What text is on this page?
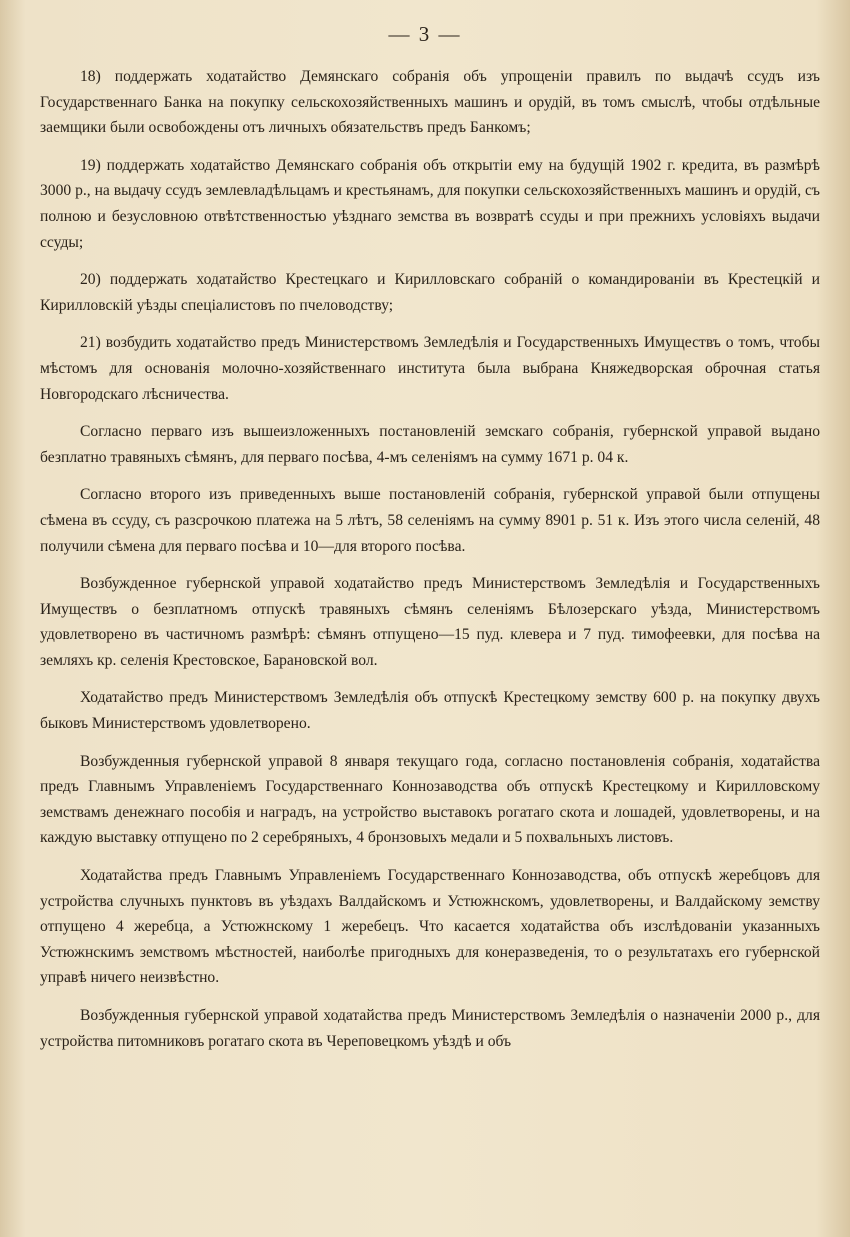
— 3 —

18) поддержать ходатайство Демянскаго собранія объ упрощеніи правилъ по выдачѣ ссудъ изъ Государственнаго Банка на покупку сельскохозяйственныхъ машинъ и орудій, въ томъ смыслѣ, чтобы отдѣльные заемщики были освобождены отъ личныхъ обязательствъ предъ Банкомъ;

19) поддержать ходатайство Демянскаго собранія объ открытіи ему на будущій 1902 г. кредита, въ размѣрѣ 3000 р., на выдачу ссудъ землевладѣльцамъ и крестьянамъ, для покупки сельскохозяйственныхъ машинъ и орудій, съ полною и безусловною отвѣтственностью уѣзднаго земства въ возвратѣ ссуды и при прежнихъ условіяхъ выдачи ссуды;

20) поддержать ходатайство Крестецкаго и Кирилловскаго собраній о командированіи въ Крестецкій и Кирилловскій уѣзды спеціалистовъ по пчеловодству;

21) возбудить ходатайство предъ Министерствомъ Земледѣлія и Государственныхъ Имуществъ о томъ, чтобы мѣстомъ для основанія молочно-хозяйственнаго института была выбрана Княжедворская оброчная статья Новгородскаго лѣсничества.

Согласно перваго изъ вышеизложенныхъ постановленій земскаго собранія, губернской управой выдано безплатно травяныхъ сѣмянъ, для перваго посѣва, 4-мъ селеніямъ на сумму 1671 р. 04 к.

Согласно второго изъ приведенныхъ выше постановленій собранія, губернской управой были отпущены сѣмена въ ссуду, съ разсрочкою платежа на 5 лѣтъ, 58 селеніямъ на сумму 8901 р. 51 к. Изъ этого числа селеній, 48 получили сѣмена для перваго посѣва и 10—для второго посѣва.

Возбужденное губернской управой ходатайство предъ Министерствомъ Земледѣлія и Государственныхъ Имуществъ о безплатномъ отпускѣ травяныхъ сѣмянъ селеніямъ Бѣлозерскаго уѣзда, Министерствомъ удовлетворено въ частичномъ размѣрѣ: сѣмянъ отпущено—15 пуд. клевера и 7 пуд. тимофеевки, для посѣва на земляхъ кр. селенія Крестовское, Барановской вол.

Ходатайство предъ Министерствомъ Земледѣлія объ отпускѣ Крестецкому земству 600 р. на покупку двухъ быковъ Министерствомъ удовлетворено.

Возбужденныя губернской управой 8 января текущаго года, согласно постановленія собранія, ходатайства предъ Главнымъ Управленіемъ Государственнаго Коннозаводства объ отпускѣ Крестецкому и Кирилловскому земствамъ денежнаго пособія и наградъ, на устройство выставокъ рогатаго скота и лошадей, удовлетворены, и на каждую выставку отпущено по 2 серебряныхъ, 4 бронзовыхъ медали и 5 похвальныхъ листовъ.

Ходатайства предъ Главнымъ Управленіемъ Государственнаго Коннозаводства, объ отпускѣ жеребцовъ для устройства случныхъ пунктовъ въ уѣздахъ Валдайскомъ и Устюжнскомъ, удовлетворены, и Валдайскому земству отпущено 4 жеребца, а Устюжнскому 1 жеребецъ. Что касается ходатайства объ изслѣдованіи указанныхъ Устюжнскимъ земствомъ мѣстностей, наиболѣе пригодныхъ для конеразведенія, то о результатахъ его губернской управѣ ничего неизвѣстно.

Возбужденныя губернской управой ходатайства предъ Министерствомъ Земледѣлія о назначеніи 2000 р., для устройства питомниковъ рогатаго скота въ Череповецкомъ уѣздѣ и объ
